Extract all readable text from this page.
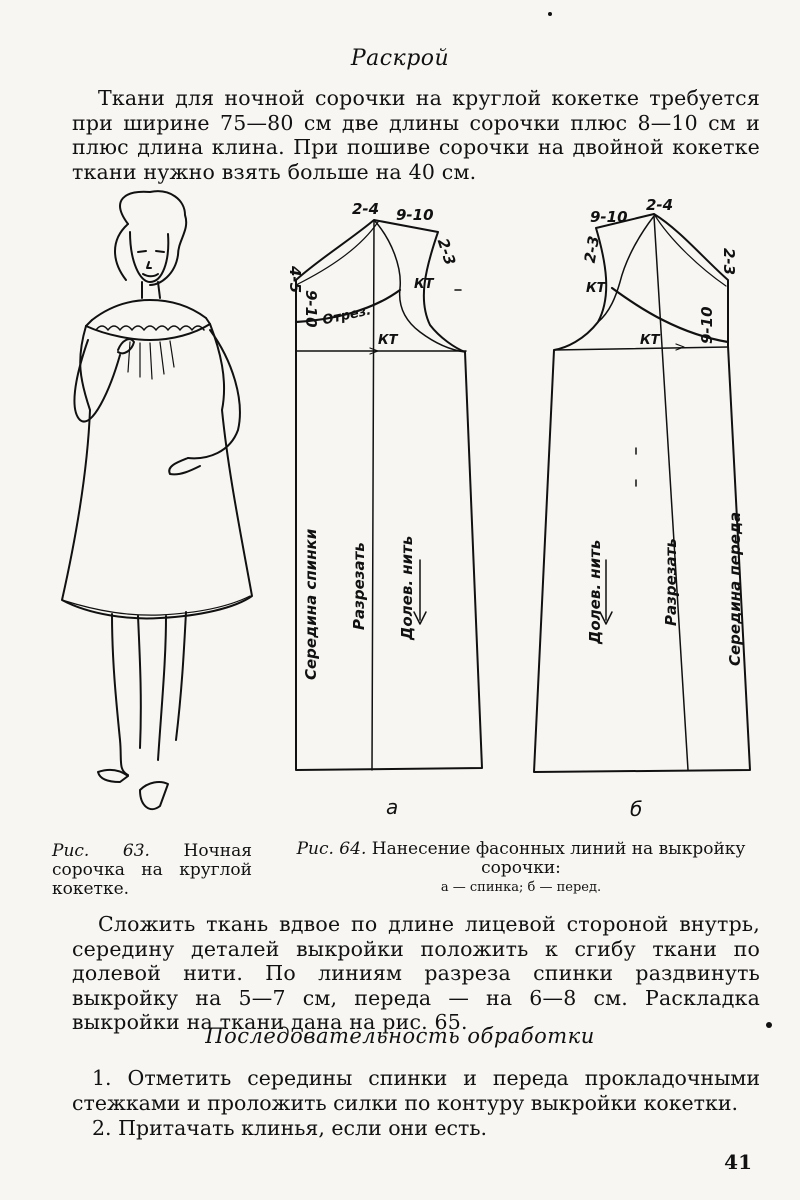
Раскрой
Ткани для ночной сорочки на круглой кокетке требуется при ширине 75—80 см две длины сорочки плюс 8—10 см и плюс длина клина. При пошиве сорочки на двойной кокетке ткани нужно взять больше на 40 см.
2-4 9-10
2-3
4-5
9-10 Отрез.
КТ
КТ
Середина спинки Разрезать Долев. нить
а
2-4
9-10
2-3	2-3
9-10
КТ
КТ
Середина переда
Разрезать
Долев. нить
б
Рис. 63. Ночная сорочка на круглой кокетке.
Рис. 64. Нанесение фасонных линий на выкройку сорочки:
а — спинка; б — перед.
Сложить ткань вдвое по длине лицевой стороной внутрь, середину деталей выкройки положить к сгибу ткани по долевой нити. По линиям разреза спинки раздвинуть выкройку на 5—7 см, переда — на 6—8 см. Раскладка выкройки на ткани дана на рис. 65.
Последовательность обработки
1. Отметить середины спинки и переда прокладочными стежками и проложить силки по контуру выкройки кокетки.
2. Притачать клинья, если они есть.
41
